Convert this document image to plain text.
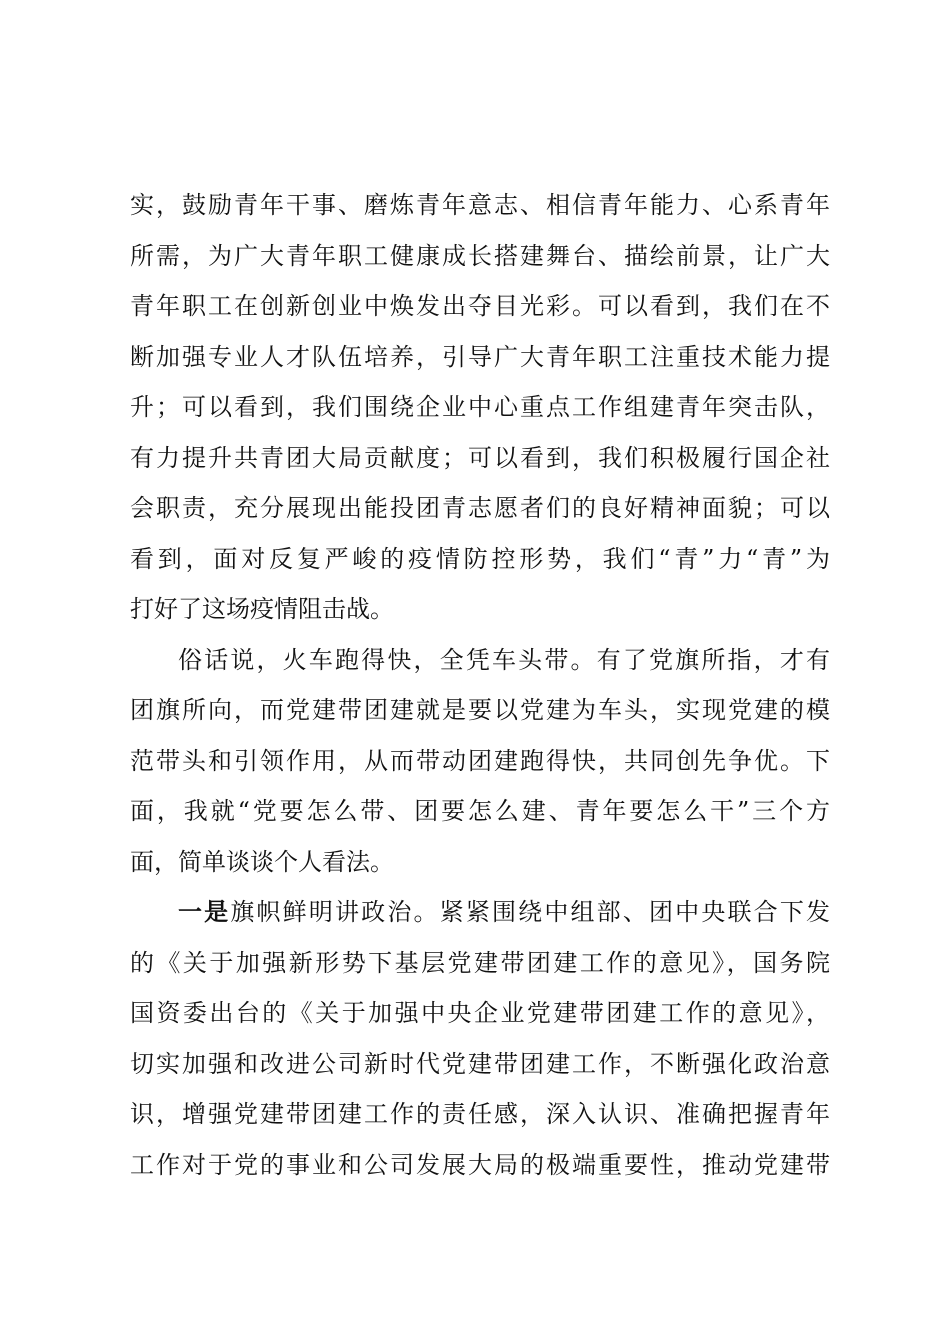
实，鼓励青年干事、磨炼青年意志、相信青年能力、心系青年
所需，为广大青年职工健康成长搭建舞台、描绘前景，让广大
青年职工在创新创业中焕发出夺目光彩。可以看到，我们在不
断加强专业人才队伍培养，引导广大青年职工注重技术能力提
升；可以看到，我们围绕企业中心重点工作组建青年突击队，
有力提升共青团大局贡献度；可以看到，我们积极履行国企社
会职责，充分展现出能投团青志愿者们的良好精神面貌；可以
看到，面对反复严峻的疫情防控形势，我们“青”力“青”为
打好了这场疫情阻击战。
俗话说，火车跑得快，全凭车头带。有了党旗所指，才有
团旗所向，而党建带团建就是要以党建为车头，实现党建的模
范带头和引领作用，从而带动团建跑得快，共同创先争优。下
面，我就“党要怎么带、团要怎么建、青年要怎么干”三个方
面，简单谈谈个人看法。
一是旗帜鲜明讲政治。紧紧围绕中组部、团中央联合下发
的《关于加强新形势下基层党建带团建工作的意见》，国务院
国资委出台的《关于加强中央企业党建带团建工作的意见》，
切实加强和改进公司新时代党建带团建工作，不断强化政治意
识，增强党建带团建工作的责任感，深入认识、准确把握青年
工作对于党的事业和公司发展大局的极端重要性，推动党建带
